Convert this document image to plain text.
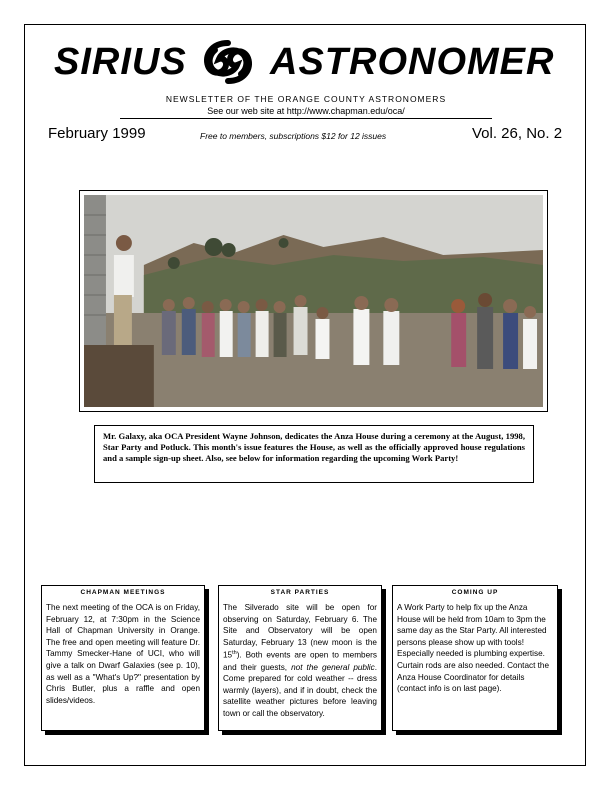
SIRIUS ASTRONOMER
NEWSLETTER OF THE ORANGE COUNTY ASTRONOMERS
See our web site at http://www.chapman.edu/oca/
February 1999	Free to members, subscriptions $12 for 12 issues	Vol. 26, No. 2
Mr. Galaxy, aka OCA President Wayne Johnson, dedicates the Anza House during a ceremony at the August, 1998, Star Party and Potluck. This month's issue features the House, as well as the officially approved house regulations and a sample sign-up sheet. Also, see below for information regarding the upcoming Work Party!
CHAPMAN MEETINGS

The next meeting of the OCA is on Friday, February 12, at 7:30pm in the Science Hall of Chapman University in Orange. The free and open meeting will feature Dr. Tammy Smecker-Hane of UCI, who will give a talk on Dwarf Galaxies (see p. 10), as well as a "What's Up?" presentation by Chris Butler, plus a raffle and open slides/videos.

STAR PARTIES

The Silverado site will be open for observing on Saturday, February 6. The Site and Observatory will be open Saturday, February 13 (new moon is the 15th). Both events are open to members and their guests, not the general public. Come prepared for cold weather -- dress warmly (layers), and if in doubt, check the satellite weather pictures before leaving town or call the observatory.

COMING UP

A Work Party to help fix up the Anza House will be held from 10am to 3pm the same day as the Star Party. All interested persons please show up with tools! Especially needed is plumbing expertise. Curtain rods are also needed. Contact the Anza House Coordinator for details (contact info is on last page).
